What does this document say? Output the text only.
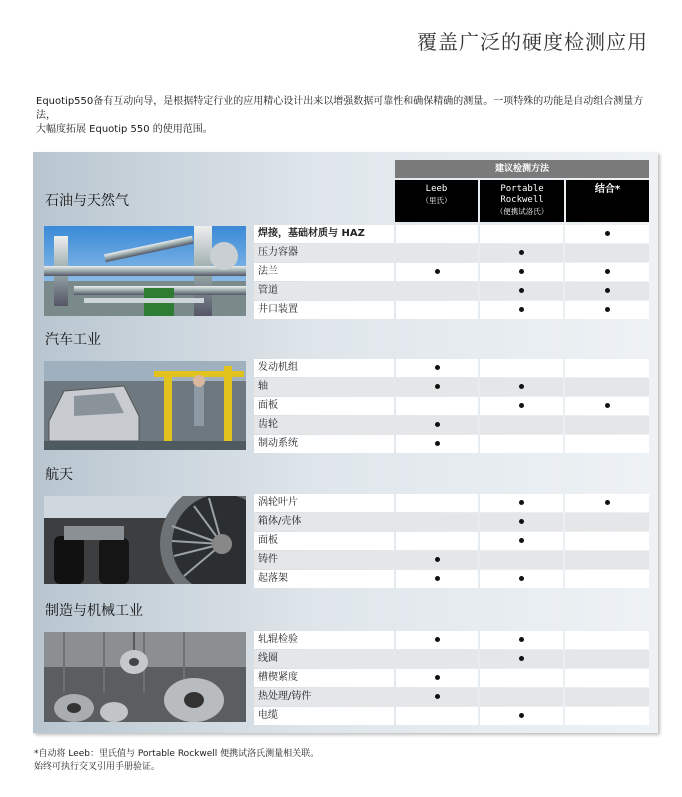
覆盖广泛的硬度检测应用
Equotip550备有互动向导，是根据特定行业的应用精心设计出来以增强数据可靠性和确保精确的测量。一项特殊的功能是自动组合测量方法，
大幅度拓展 Equotip 550 的使用范围。
建议检测方法
Leeb
（里氏）
Portable
Rockwell
（便携试洛氏）
结合*
石油与天然气
汽车工业
航天
制造与机械工业
焊接，基础材质与 HAZ
压力容器
法兰
管道
井口装置
发动机组
轴
面板
齿轮
制动系统
涡轮叶片
箱体/壳体
面板
铸件
起落架
轧辊检验
线圈
槽楔紧度
热处理/铸件
电缆
*自动将 Leeb：里氏值与 Portable Rockwell 便携试洛氏测量相关联。
始终可执行交叉引用手册验证。
